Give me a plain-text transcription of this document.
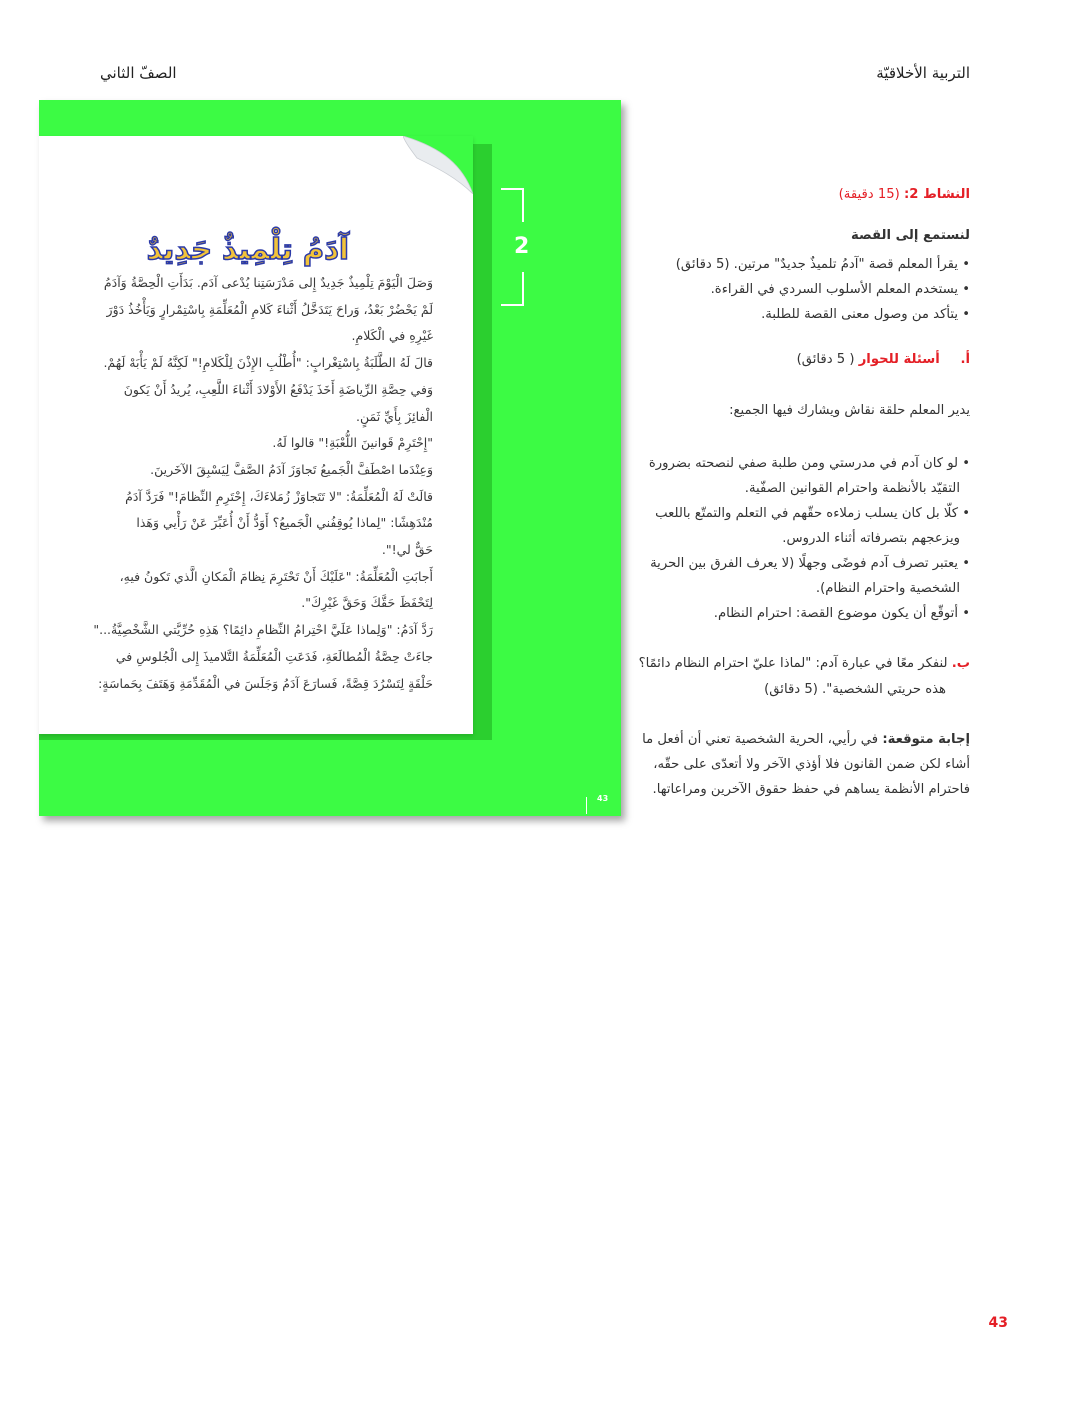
التربية الأخلاقيّة
الصفّ الثاني
آدَمُ تِلْمِيذٌ جَدِيدٌ

وَصَلَ الْيَوْمَ تِلْمِيذٌ جَدِيدٌ إِلى مَدْرَسَتِنا يُدْعى آدَم. بَدَأَتِ الْحِصَّةُ وَآدَمُ

لَمْ يَحْضُرْ بَعْدُ، وَراحَ يَتَدَخَّلُ أَثْناءَ كَلامِ الْمُعَلِّمَةِ بِاسْتِمْرارٍ وَيَأْخُذُ دَوْرَ

غَيْرِهِ في الْكَلامِ.

قالَ لَهُ الطَّلَبَةُ بِاسْتِغْرابٍ: "أُطْلُبِ الإِذْنَ لِلْكَلامِ!" لَكِنَّهُ لَمْ يَأْبَهْ لَهُمْ.

وَفي حِصَّةِ الرِّياضَةِ أَخَذَ يَدْفَعُ الأَوْلادَ أَثْناءَ اللَّعِبِ، يُريدُ أَنْ يَكونَ

الْفائِزَ بِأَيِّ ثَمَنٍ.

"إِحْتَرِمْ قَوانينَ اللُّعْبَةِ!" قالوا لَهُ.

وَعِنْدَما اصْطَفَّ الْجَميعُ تَجاوَزَ آدَمُ الصَّفَّ لِيَسْبِقَ الآخَرينَ.

قالَتْ لَهُ الْمُعَلِّمَةُ: "لا تَتَجاوَزْ زُمَلاءَكَ، إِحْتَرِمِ النِّظامَ!" فَرَدَّ آدَمُ

مُنْدَهِشًا: "لِماذا يُوقِفُني الْجَميعُ؟ أَوَدُّ أَنْ أُعَبِّرَ عَنْ رَأْيي وَهَذا

حَقٌّ لي!".

أَجابَتِ الْمُعَلِّمَةُ: "عَلَيْكَ أَنْ تَحْتَرِمَ نِظامَ الْمَكانِ الَّذي تَكونُ فيهِ،

لِتَحْفَظَ حَقَّكَ وَحَقَّ غَيْرِكَ".

رَدَّ آدَمُ: "وَلِماذا عَلَيَّ احْتِرامُ النِّظامِ دائِمًا؟ هَذِهِ حُرِّيَّتي الشَّخْصِيَّةُ..."

جاءَتْ حِصَّةُ الْمُطالَعَةِ، فَدَعَتِ الْمُعَلِّمَةُ التَّلاميذَ إِلى الْجُلوسِ في

حَلْقَةٍ لِتَسْرُدَ قِصَّةً، فَسارَعَ آدَمُ وَجَلَسَ في الْمُقَدِّمَةِ وَهَتَفَ بِحَماسَةٍ:

2
43
النشاط 2: (15 دقيقة)
لنستمع إلى القصة

• يقرأ المعلم قصة "آدمُ تلميذٌ جديدٌ" مرتين. (5 دقائق)

• يستخدم المعلم الأسلوب السردي في القراءة.

• يتأكد من وصول معنى القصة للطلبة.

أ. أسئلة للحوار ( 5 دقائق)
يدير المعلم حلقة نقاش ويشارك فيها الجميع:

• لو كان آدم في مدرستي ومن طلبة صفي لنصحته بضرورة

التقيّد بالأنظمة واحترام القوانين الصفّية.

• كلّا بل كان يسلب زملاءه حقّهم في التعلم والتمتّع باللعب

ويزعجهم بتصرفاته أثناء الدروس.

• يعتبر تصرف آدم فوضًى وجهلًا (لا يعرف الفرق بين الحرية

الشخصية واحترام النظام).

• أتوقّع أن يكون موضوع القصة: احترام النظام.

ب. لنفكر معًا في عبارة آدم: "لماذا عليّ احترام النظام دائمًا؟

هذه حريتي الشخصية". (5 دقائق)

إجابة متوقعة: في رأيي، الحرية الشخصية تعني أن أفعل ما

أشاء لكن ضمن القانون فلا أؤذي الآخر ولا أتعدّى على حقّه،

فاحترام الأنظمة يساهم في حفظ حقوق الآخرين ومراعاتها.

43
